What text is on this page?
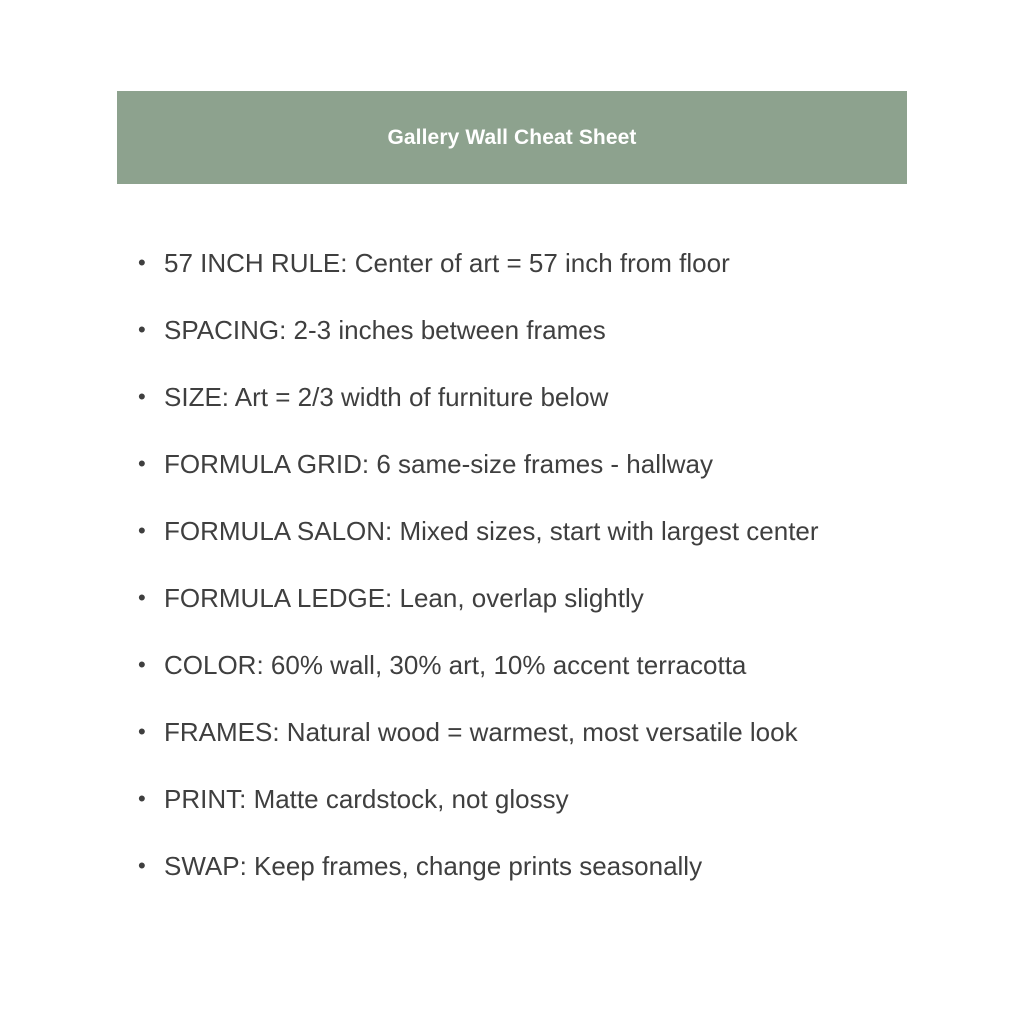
Gallery Wall Cheat Sheet
• 57 INCH RULE: Center of art = 57 inch from floor
• SPACING: 2-3 inches between frames
• SIZE: Art = 2/3 width of furniture below
• FORMULA GRID: 6 same-size frames - hallway
• FORMULA SALON: Mixed sizes, start with largest center
• FORMULA LEDGE: Lean, overlap slightly
• COLOR: 60% wall, 30% art, 10% accent terracotta
• FRAMES: Natural wood = warmest, most versatile look
• PRINT: Matte cardstock, not glossy
• SWAP: Keep frames, change prints seasonally
